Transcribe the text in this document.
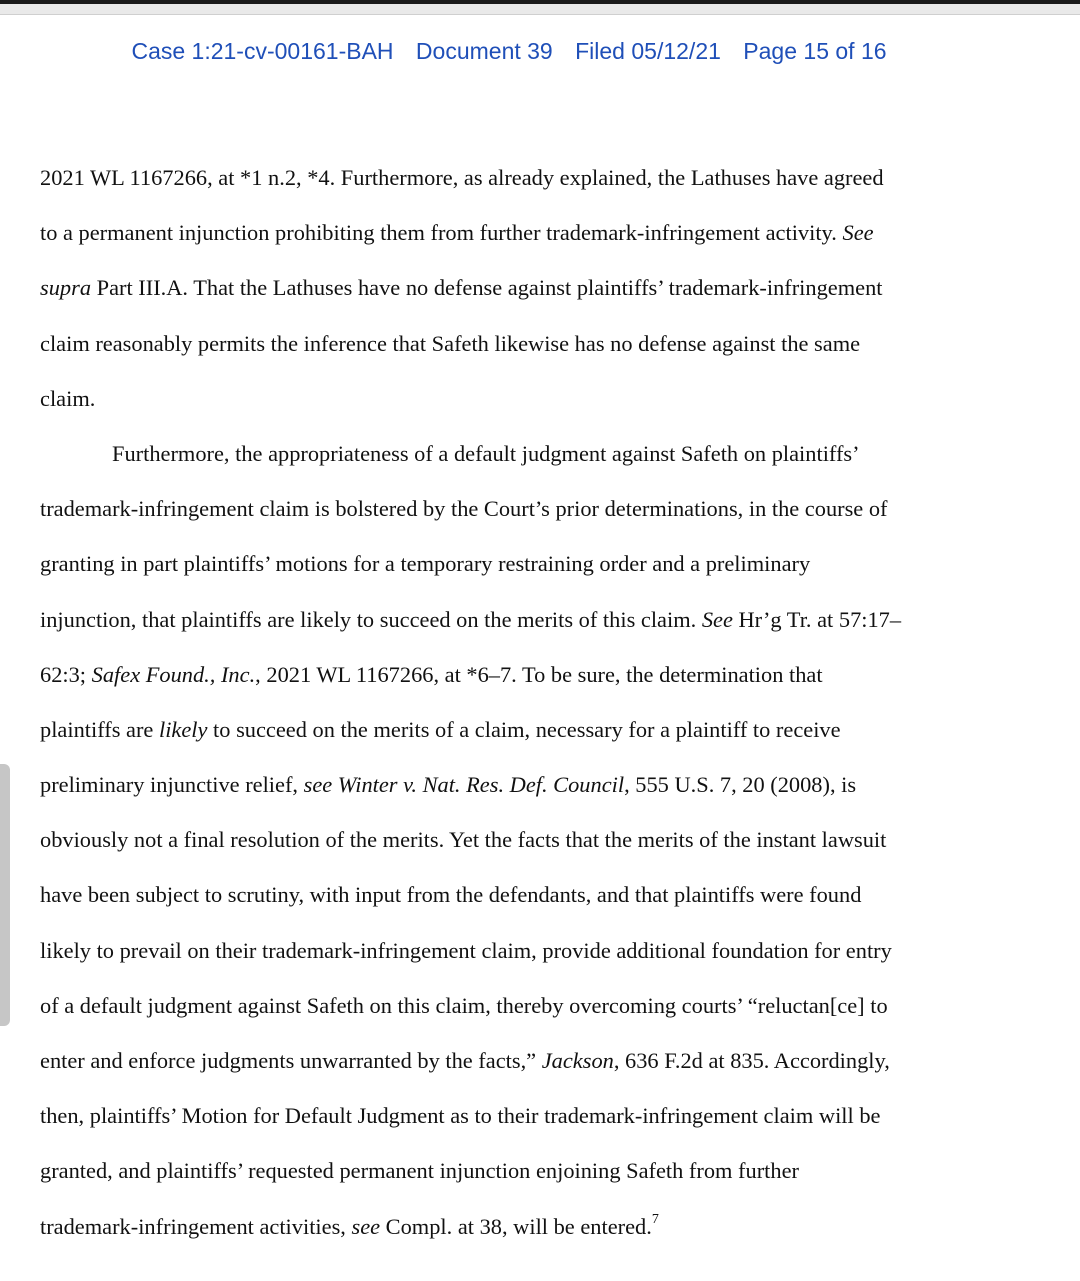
Case 1:21-cv-00161-BAH Document 39 Filed 05/12/21 Page 15 of 16
2021 WL 1167266, at *1 n.2, *4. Furthermore, as already explained, the Lathuses have agreed
to a permanent injunction prohibiting them from further trademark-infringement activity. See
supra Part III.A. That the Lathuses have no defense against plaintiffs’ trademark-infringement
claim reasonably permits the inference that Safeth likewise has no defense against the same
claim.
Furthermore, the appropriateness of a default judgment against Safeth on plaintiffs’
trademark-infringement claim is bolstered by the Court’s prior determinations, in the course of
granting in part plaintiffs’ motions for a temporary restraining order and a preliminary
injunction, that plaintiffs are likely to succeed on the merits of this claim. See Hr’g Tr. at 57:17–
62:3; Safex Found., Inc., 2021 WL 1167266, at *6–7. To be sure, the determination that
plaintiffs are likely to succeed on the merits of a claim, necessary for a plaintiff to receive
preliminary injunctive relief, see Winter v. Nat. Res. Def. Council, 555 U.S. 7, 20 (2008), is
obviously not a final resolution of the merits. Yet the facts that the merits of the instant lawsuit
have been subject to scrutiny, with input from the defendants, and that plaintiffs were found
likely to prevail on their trademark-infringement claim, provide additional foundation for entry
of a default judgment against Safeth on this claim, thereby overcoming courts’ “reluctan[ce] to
enter and enforce judgments unwarranted by the facts,” Jackson, 636 F.2d at 835. Accordingly,
then, plaintiffs’ Motion for Default Judgment as to their trademark-infringement claim will be
granted, and plaintiffs’ requested permanent injunction enjoining Safeth from further
trademark-infringement activities, see Compl. at 38, will be entered.$^7$
